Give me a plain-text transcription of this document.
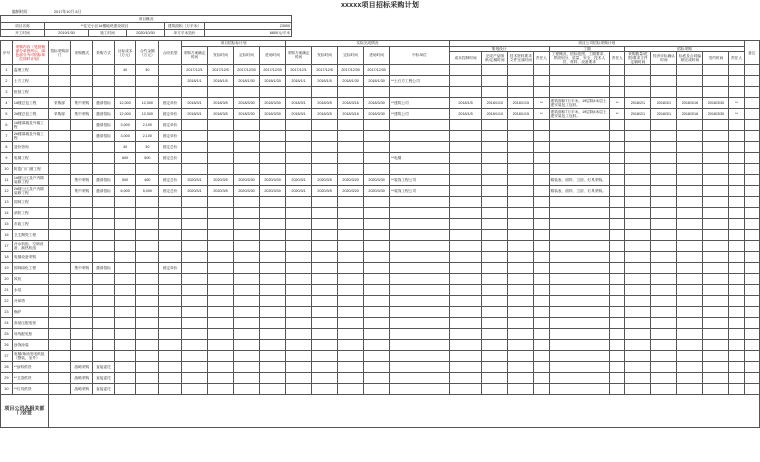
xxxxx项目招标采购计划
编制时间：	2017年10月 8日
项目概况					
项目名称	**住宅小区1#楼地块建设项目			建筑面积（万平米）	23000
开工时间	2019/1/30	竣工时间	2020/10/30	单方平米造价	6800元/平米
序号	采购内容（见营销部分单独列示，绿色部分为可招标单位同时计划）	招标采购部门	采购模式	采购方式	目标成本（万元）	合约金额（万元）	合同类型	项目招标标计划				实际完成情况					项目公司招标采购计划											备注
								采购方案确定时间	发标时间	定标时间	进场时间	采购方案确定时间	发标时间	定标时间	进场时间	中标单位	策划设计				工期		招标采购					
																	成本控制时间	完成产品图纸/定稿时间	技术资料要求文件完成时间	责任人	工程概况、招标范围、工期要求、界面划分、质量、安全、技术人员、材料、设备要求	责任人	采购数量/范围/要求文件定稿时间	经济评标确认时间	标底及合同编制完成时间	签约时间	责任人	
1	监理工程				40	30		2017/12/1	2017/12/5	2017/12/30	2017/12/30	2017/12/1	2017/12/5	2017/12/30	2017/12/30													
2	土方工程							2018/1/1	2018/1/5	2018/1/30	2018/1/30	2018/1/1	2018/1/5	2018/1/30	2018/1/30	**土石方工程公司												
3	桩基工程																											
4	1#楼总包工程	采购部	集中采购	邀请招标	12,000	12,000	固定单价	2018/3/1	2018/3/5	2018/3/30	2018/3/30	2018/3/1	2018/3/5	2018/3/16	2018/3/30	**建筑公司	2018/1/5	2018/1/10	2018/1/15	**	建筑面积7万平米，19层除4米层土建安装包工包料。	**	2018/2/1	2018/3/1	2018/3/16	2018/3/30	**	
5	2#楼总包工程	采购部	集中采购	邀请招标	12,000	12,000	固定单价	2018/3/1	2018/3/5	2018/3/30	2018/3/30	2018/3/1	2018/3/5	2018/3/16	2018/3/30	**建筑公司	2018/1/5	2018/1/10	2018/1/15	**	建筑面积7万平米，19层除4米层土建安装包工包料。	**	2018/2/1	2018/3/1	2018/3/16	2018/3/30	**	
6	1#楼幕墙及外墙工程			邀请招标	3,000	2,100	固定单价																					
7	2#楼幕墙及外墙工程			邀请招标	3,000	2,100	固定单价																					
8	造价咨询				40	30	固定总价																					
9	电梯工程				600	500	固定总价									**电梯												
10	防盗门/门窗工程																											
11	1#楼公区及户内精装修工程		集中采购	邀请招标	500	460	固定总价	2020/3/1	2020/3/5	2020/3/30	2020/3/30	2020/3/1	2020/3/5	2020/3/20	2020/3/30	**装饰工程公司					精装表、面料、卫浴、灯具采购。							
12	2#楼公区及户内精装修工程		集中采购	邀请招标	6,000	5,000	固定总价	2020/3/1	2020/3/5	2020/3/30	2020/3/30	2020/3/1	2020/3/5	2020/3/20	2020/3/30	**装饰工程公司					精装表、面料、卫浴、灯具采购。							
13	园林工程																											
14	消防工程																											
15	市政工程																											
16	卫生陶瓷工程																											
17	冷水机组、空调设备、换热机组																											
18	电梯设备采购																											
19	园林绿化工程		集中采购	邀请招标			固定单价																					
20	风机																											
21	水泵																											
22	冷却塔																											
23	锅炉																											
24	高低压配电柜																											
25	母线配电柜																											
26	涂饰涂装																											
27	电梯/柴油发电机组（整装，室外）																											
28	**涂料供货		战略采购	直接委托																								
29	**卫浴供货		战略采购	直接委托																								
30	**灯具供货		战略采购	直接委托																								
项目公司各相关部门会签																												
